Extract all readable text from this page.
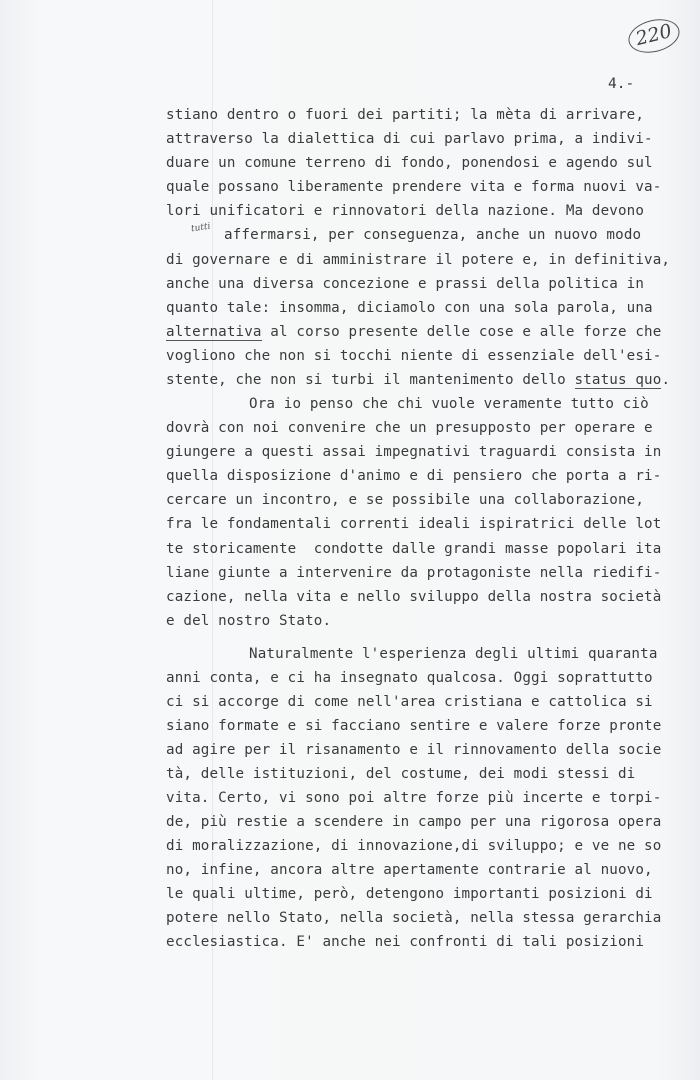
220
4.-
tutti
stiano dentro o fuori dei partiti; la mèta di arrivare,
attraverso la dialettica di cui parlavo prima, a indivi-
duare un comune terreno di fondo, ponendosi e agendo sul
quale possano liberamente prendere vita e forma nuovi va-
lori unificatori e rinnovatori della nazione. Ma devono
affermarsi, per conseguenza, anche un nuovo modo
di governare e di amministrare il potere e, in definitiva,
anche una diversa concezione e prassi della politica in
quanto tale: insomma, diciamolo con una sola parola, una
alternativa al corso presente delle cose e alle forze che
vogliono che non si tocchi niente di essenziale dell'esi-
stente, che non si turbi il mantenimento dello status quo.
Ora io penso che chi vuole veramente tutto ciò
dovrà con noi convenire che un presupposto per operare e
giungere a questi assai impegnativi traguardi consista in
quella disposizione d'animo e di pensiero che porta a ri-
cercare un incontro, e se possibile una collaborazione,
fra le fondamentali correnti ideali ispiratrici delle lot
te storicamente  condotte dalle grandi masse popolari ita
liane giunte a intervenire da protagoniste nella riedifi-
cazione, nella vita e nello sviluppo della nostra società
e del nostro Stato.
Naturalmente l'esperienza degli ultimi quaranta
anni conta, e ci ha insegnato qualcosa. Oggi soprattutto
ci si accorge di come nell'area cristiana e cattolica si
siano formate e si facciano sentire e valere forze pronte
ad agire per il risanamento e il rinnovamento della socie
tà, delle istituzioni, del costume, dei modi stessi di
vita. Certo, vi sono poi altre forze più incerte e torpi-
de, più restie a scendere in campo per una rigorosa opera
di moralizzazione, di innovazione,di sviluppo; e ve ne so
no, infine, ancora altre apertamente contrarie al nuovo,
le quali ultime, però, detengono importanti posizioni di
potere nello Stato, nella società, nella stessa gerarchia
ecclesiastica. E' anche nei confronti di tali posizioni
